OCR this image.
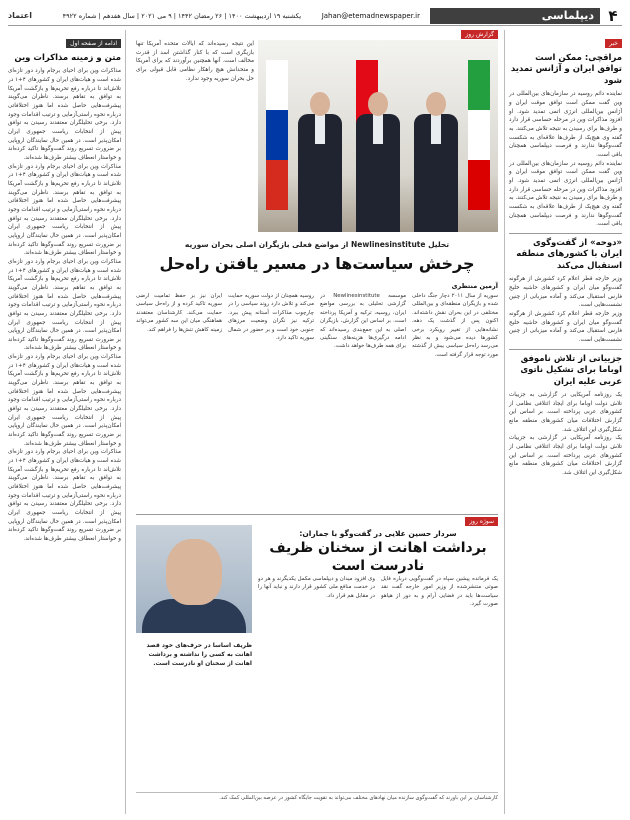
۴
دیپلماسی
Jahan@etemadnewspaper.ir
یکشنبه ۱۹ اردیبهشت ۱۴۰۰ | ۲۶ رمضان ۱۴۴۲ | ۹ می ۲۰۲۱ | سال هفدهم | شماره ۴۹۲۲
اعتماد
خبر
مراقچی: ممکن است توافق ایران و آژانس تمدید شود
نماینده دائم روسیه در سازمان‌های بین‌المللی در وین گفت ممکن است توافق موقت ایران و آژانس بین‌المللی انرژی اتمی تمدید شود. او افزود مذاکرات وین در مرحله حساسی قرار دارد و طرف‌ها برای رسیدن به نتیجه تلاش می‌کنند. به گفته وی هیچ‌یک از طرف‌ها علاقه‌ای به شکست گفت‌وگوها ندارند و فرصت دیپلماسی همچنان باقی است.
نماینده دائم روسیه در سازمان‌های بین‌المللی در وین گفت ممکن است توافق موقت ایران و آژانس بین‌المللی انرژی اتمی تمدید شود. او افزود مذاکرات وین در مرحله حساسی قرار دارد و طرف‌ها برای رسیدن به نتیجه تلاش می‌کنند. به گفته وی هیچ‌یک از طرف‌ها علاقه‌ای به شکست گفت‌وگوها ندارند و فرصت دیپلماسی همچنان باقی است.
«دوحه» از گفت‌وگوی ایران با کشورهای منطقه استقبال می‌کند
وزیر خارجه قطر اعلام کرد کشورش از هرگونه گفت‌وگو میان ایران و کشورهای حاشیه خلیج فارس استقبال می‌کند و آماده میزبانی از چنین نشست‌هایی است.
وزیر خارجه قطر اعلام کرد کشورش از هرگونه گفت‌وگو میان ایران و کشورهای حاشیه خلیج فارس استقبال می‌کند و آماده میزبانی از چنین نشست‌هایی است.
جزییاتی از تلاش ناموفق اوباما برای تشکیل ناتوی عربی علیه ایران
یک روزنامه آمریکایی در گزارشی به جزییات تلاش دولت اوباما برای ایجاد ائتلافی نظامی از کشورهای عربی پرداخته است. بر اساس این گزارش اختلافات میان کشورهای منطقه مانع شکل‌گیری این ائتلاف شد.
یک روزنامه آمریکایی در گزارشی به جزییات تلاش دولت اوباما برای ایجاد ائتلافی نظامی از کشورهای عربی پرداخته است. بر اساس این گزارش اختلافات میان کشورهای منطقه مانع شکل‌گیری این ائتلاف شد.
گزارش روز
این نتیجه رسیده‌اند که ایالات متحده آمریکا تنها بازیگری است که با کنار گذاشتن اسد از قدرت مخالف است. آنها همچنین برآوردند که برای آمریکا و متحدانش هیچ راهکار نظامی قابل قبولی برای حل بحران سوریه وجود ندارد.
تحلیل Newlinesinstitute از مواضع فعلی بازیگران اصلی بحران سوریه
چرخش سیاست‌ها در مسیر یافتن راه‌حل
آرمین منتظری
سوریه از سال ۲۰۱۱ دچار جنگ داخلی شده و بازیگران منطقه‌ای و بین‌المللی مختلفی در این بحران نقش داشته‌اند. اکنون پس از گذشت یک دهه، نشانه‌هایی از تغییر رویکرد برخی کشورها دیده می‌شود و به نظر می‌رسد راه‌حل سیاسی بیش از گذشته مورد توجه قرار گرفته است.
موسسه Newlinesinstitute در گزارشی تحلیلی به بررسی مواضع ایران، روسیه، ترکیه و آمریکا پرداخته است. بر اساس این گزارش، بازیگران اصلی به این جمع‌بندی رسیده‌اند که ادامه درگیری‌ها هزینه‌های سنگینی برای همه طرف‌ها خواهد داشت.
روسیه همچنان از دولت سوریه حمایت می‌کند و تلاش دارد روند سیاسی را در چارچوب مذاکرات آستانه پیش ببرد. ترکیه نیز نگران وضعیت مرزهای جنوبی خود است و بر حضور در شمال سوریه تاکید دارد.
ایران نیز بر حفظ تمامیت ارضی سوریه تاکید کرده و از راه‌حل سیاسی حمایت می‌کند. کارشناسان معتقدند هماهنگی میان این سه کشور می‌تواند زمینه کاهش تنش‌ها را فراهم کند.
سوژه روز
سردار حسین علایی در گفت‌وگو با جماران:
برداشت اهانت از سخنان ظریف نادرست است
ظریف اساسا در حرف‌های خود قصد اهانت به کسی را نداشته و برداشت اهانت از سخنان او نادرست است.
یک فرمانده پیشین سپاه در گفت‌وگویی درباره فایل صوتی منتشرشده از وزیر امور خارجه گفت نقد سیاست‌ها باید در فضایی آرام و به دور از هیاهو صورت گیرد.
وی افزود میدان و دیپلماسی مکمل یکدیگرند و هر دو در خدمت منافع ملی کشور قرار دارند و نباید آنها را در مقابل هم قرار داد.
کارشناسان بر این باورند که گفت‌وگوی سازنده میان نهادهای مختلف می‌تواند به تقویت جایگاه کشور در عرصه بین‌المللی کمک کند.
ادامه از صفحه اول
متن و زمینه مذاکرات وین
مذاکرات وین برای احیای برجام وارد دور تازه‌ای شده است و هیات‌های ایران و کشورهای ۴+۱ در تلاش‌اند تا درباره رفع تحریم‌ها و بازگشت آمریکا به توافق به تفاهم برسند. ناظران می‌گویند پیشرفت‌هایی حاصل شده اما هنوز اختلافاتی درباره نحوه راستی‌آزمایی و ترتیب اقدامات وجود دارد. برخی تحلیلگران معتقدند رسیدن به توافق پیش از انتخابات ریاست جمهوری ایران امکان‌پذیر است. در همین حال نمایندگان اروپایی بر ضرورت تسریع روند گفت‌وگوها تاکید کرده‌اند و خواستار انعطاف بیشتر طرف‌ها شده‌اند.
مذاکرات وین برای احیای برجام وارد دور تازه‌ای شده است و هیات‌های ایران و کشورهای ۴+۱ در تلاش‌اند تا درباره رفع تحریم‌ها و بازگشت آمریکا به توافق به تفاهم برسند. ناظران می‌گویند پیشرفت‌هایی حاصل شده اما هنوز اختلافاتی درباره نحوه راستی‌آزمایی و ترتیب اقدامات وجود دارد. برخی تحلیلگران معتقدند رسیدن به توافق پیش از انتخابات ریاست جمهوری ایران امکان‌پذیر است. در همین حال نمایندگان اروپایی بر ضرورت تسریع روند گفت‌وگوها تاکید کرده‌اند و خواستار انعطاف بیشتر طرف‌ها شده‌اند.
مذاکرات وین برای احیای برجام وارد دور تازه‌ای شده است و هیات‌های ایران و کشورهای ۴+۱ در تلاش‌اند تا درباره رفع تحریم‌ها و بازگشت آمریکا به توافق به تفاهم برسند. ناظران می‌گویند پیشرفت‌هایی حاصل شده اما هنوز اختلافاتی درباره نحوه راستی‌آزمایی و ترتیب اقدامات وجود دارد. برخی تحلیلگران معتقدند رسیدن به توافق پیش از انتخابات ریاست جمهوری ایران امکان‌پذیر است. در همین حال نمایندگان اروپایی بر ضرورت تسریع روند گفت‌وگوها تاکید کرده‌اند و خواستار انعطاف بیشتر طرف‌ها شده‌اند.
مذاکرات وین برای احیای برجام وارد دور تازه‌ای شده است و هیات‌های ایران و کشورهای ۴+۱ در تلاش‌اند تا درباره رفع تحریم‌ها و بازگشت آمریکا به توافق به تفاهم برسند. ناظران می‌گویند پیشرفت‌هایی حاصل شده اما هنوز اختلافاتی درباره نحوه راستی‌آزمایی و ترتیب اقدامات وجود دارد. برخی تحلیلگران معتقدند رسیدن به توافق پیش از انتخابات ریاست جمهوری ایران امکان‌پذیر است. در همین حال نمایندگان اروپایی بر ضرورت تسریع روند گفت‌وگوها تاکید کرده‌اند و خواستار انعطاف بیشتر طرف‌ها شده‌اند.
مذاکرات وین برای احیای برجام وارد دور تازه‌ای شده است و هیات‌های ایران و کشورهای ۴+۱ در تلاش‌اند تا درباره رفع تحریم‌ها و بازگشت آمریکا به توافق به تفاهم برسند. ناظران می‌گویند پیشرفت‌هایی حاصل شده اما هنوز اختلافاتی درباره نحوه راستی‌آزمایی و ترتیب اقدامات وجود دارد. برخی تحلیلگران معتقدند رسیدن به توافق پیش از انتخابات ریاست جمهوری ایران امکان‌پذیر است. در همین حال نمایندگان اروپایی بر ضرورت تسریع روند گفت‌وگوها تاکید کرده‌اند و خواستار انعطاف بیشتر طرف‌ها شده‌اند.
